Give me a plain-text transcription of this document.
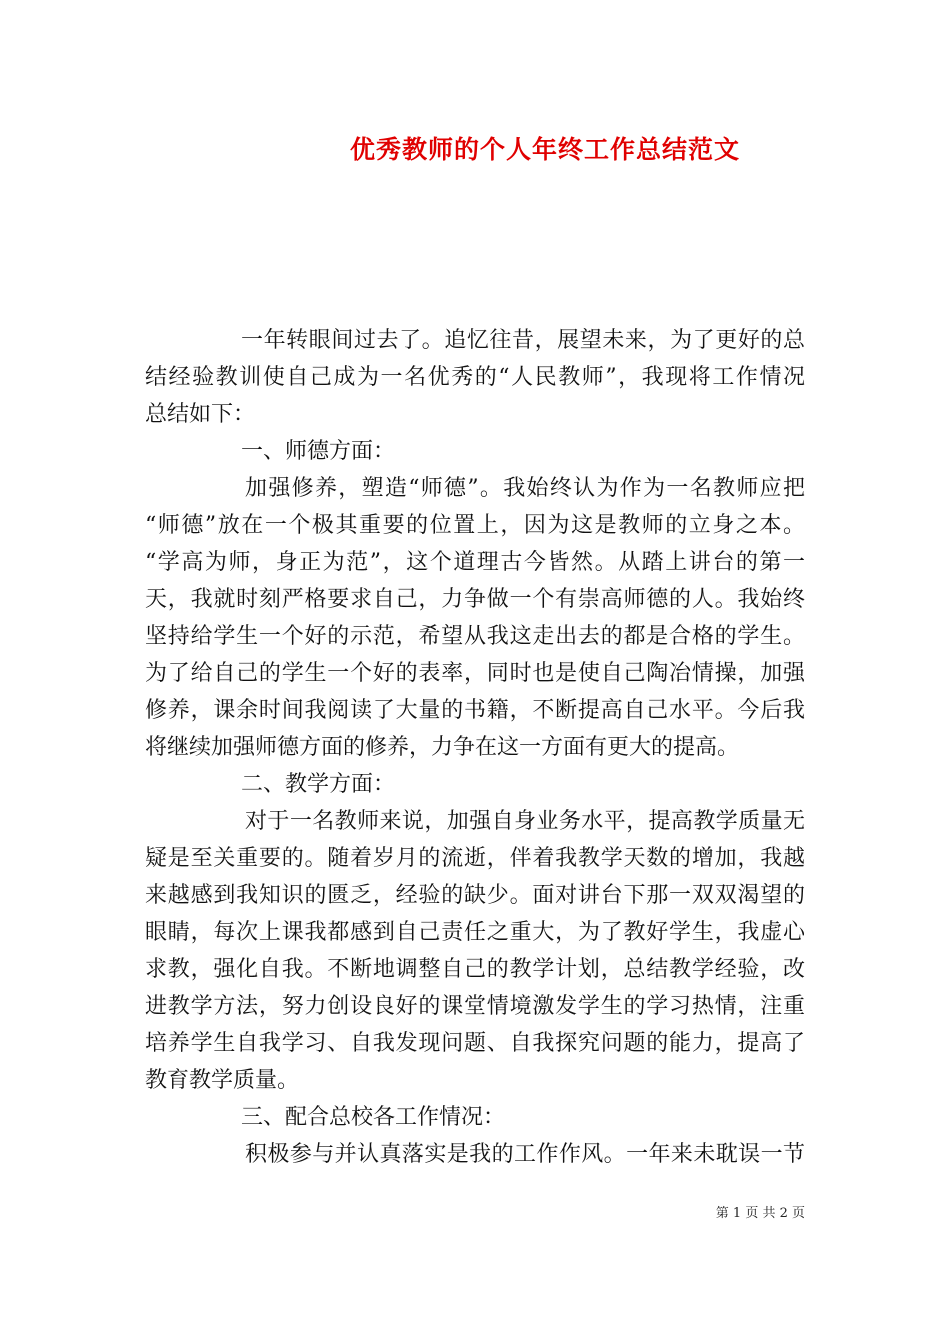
优秀教师的个人年终工作总结范文
一年转眼间过去了。追忆往昔，展望未来，为了更好的总
结经验教训使自己成为一名优秀的“人民教师”，我现将工作情况
总结如下：
一、师德方面：
加强修养，塑造“师德”。我始终认为作为一名教师应把
“师德”放在一个极其重要的位置上，因为这是教师的立身之本。
“学高为师，身正为范”，这个道理古今皆然。从踏上讲台的第一
天，我就时刻严格要求自己，力争做一个有崇高师德的人。我始终
坚持给学生一个好的示范，希望从我这走出去的都是合格的学生。
为了给自己的学生一个好的表率，同时也是使自己陶冶情操，加强
修养，课余时间我阅读了大量的书籍，不断提高自己水平。今后我
将继续加强师德方面的修养，力争在这一方面有更大的提高。
二、教学方面：
对于一名教师来说，加强自身业务水平，提高教学质量无
疑是至关重要的。随着岁月的流逝，伴着我教学天数的增加，我越
来越感到我知识的匮乏，经验的缺少。面对讲台下那一双双渴望的
眼睛，每次上课我都感到自己责任之重大，为了教好学生，我虚心
求教，强化自我。不断地调整自己的教学计划，总结教学经验，改
进教学方法，努力创设良好的课堂情境激发学生的学习热情，注重
培养学生自我学习、自我发现问题、自我探究问题的能力，提高了
教育教学质量。
三、配合总校各工作情况：
积极参与并认真落实是我的工作作风。一年来未耽误一节
第 1 页 共 2 页
